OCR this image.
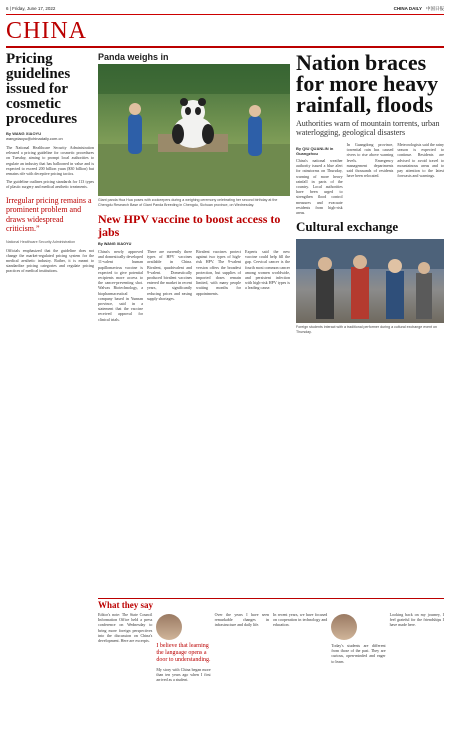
6 | Friday, June 17, 2022	CHINA DAILY 中国日报
CHINA
Pricing guidelines issued for cosmetic procedures
By WANG XIAOYU
wangxiaoyu@chinadaily.com.cn

The National Healthcare Security Administration released a pricing guideline for cosmetic procedures on Tuesday, aiming to prompt local authorities to regulate an industry that has ballooned in value and is expected to exceed 200 billion yuan ($30 billion) but remains rife with deceptive pricing tactics.

The guideline outlines pricing standards for 113 types of plastic surgery and medical aesthetic treatments.

Irregular pricing remains a prominent problem and draws widespread criticism.”
National Healthcare Security Administration

Officials emphasized that the guideline does not change the market-regulated pricing system for the medical aesthetic industry. Rather, it is meant to standardize pricing categories and regulate pricing practices of medical institutions.

Panda weighs in
Giant panda Hua Hua poses with zookeepers during a weighing ceremony celebrating her second birthday at the Chengdu Research Base of Giant Panda Breeding in Chengdu, Sichuan province, on Wednesday.
New HPV vaccine to boost access to jabs
By WANG XIAOYU

China's newly approved and domestically developed 11-valent human papillomavirus vaccine is expected to give potential recipients more access to the cancer-preventing shot. Walvax Biotechnology, a biopharmaceutical company based in Yunnan province, said in a statement that the vaccine received approval for clinical trials.

There are currently three types of HPV vaccines available in China. Bivalent, quadrivalent and 9-valent. Domestically produced bivalent vaccines entered the market in recent years, significantly reducing prices and easing supply shortages.

Bivalent vaccines protect against two types of high-risk HPV. The 9-valent version offers the broadest protection, but supplies of imported doses remain limited, with many people waiting months for appointments.

Experts said the new vaccine could help fill the gap. Cervical cancer is the fourth most common cancer among women worldwide, and persistent infection with high-risk HPV types is a leading cause.

Nation braces for more heavy rainfall, floods
Authorities warn of mountain torrents, urban waterlogging, geological disasters
By QIU QUANLIN in Guangzhou

China's national weather authority issued a blue alert for rainstorms on Thursday, warning of more heavy rainfall in parts of the country. Local authorities have been urged to strengthen flood control measures and evacuate residents from high-risk areas.

In Guangdong province, torrential rain has caused rivers to rise above warning levels. Emergency management departments said thousands of residents have been relocated.

Meteorologists said the rainy season is expected to continue. Residents are advised to avoid travel to mountainous areas and to pay attention to the latest forecasts and warnings.

Cultural exchange
Foreign students interact with a traditional performer during a cultural exchange event on Thursday.
What they say

Editor's note: The State Council Information Office held a press conference on Wednesday to bring more foreign perspectives into the discussion on China's development. Here are excerpts.

I believe that learning the language opens a door to understanding.

My story with China began more than ten years ago when I first arrived as a student.

Over the years I have seen remarkable changes in infrastructure and daily life.

In recent years, we have focused on cooperation in technology and education.

Today's students are different from those of the past. They are curious, open-minded and eager to learn.

Looking back on my journey, I feel grateful for the friendships I have made here.
